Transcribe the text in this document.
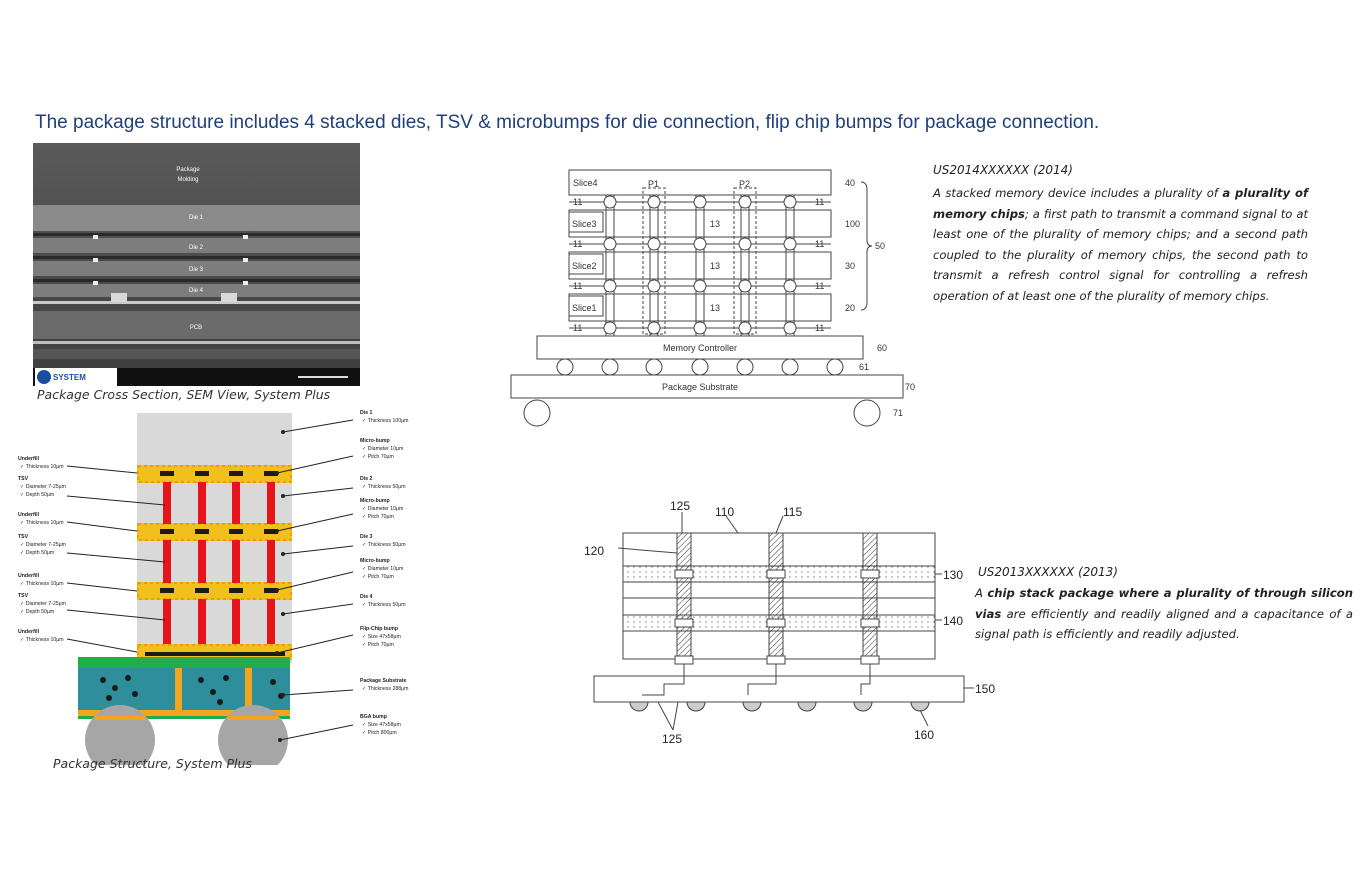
The package structure includes 4 stacked dies, TSV & microbumps for die connection, flip chip bumps for package connection.
Package
Molding
Die 1
Die 2
Die 3
Die 4
PCB
SYSTEM
Package Cross Section, SEM View, System Plus
Underfill
✓ Thickness 10µm
TSV
✓ Diameter 7-25µm
✓ Depth 50µm
Underfill
✓ Thickness 10µm
TSV
✓ Diameter 7-25µm
✓ Depth 50µm
Underfill
✓ Thickness 10µm
TSV
✓ Diameter 7-25µm
✓ Depth 50µm
Underfill
✓ Thickness 10µm
Die 1
✓ Thickness 100µm
Micro-bump
✓ Diameter 10µm
✓ Pitch 70µm
Die 2
✓ Thickness 50µm
Micro-bump
✓ Diameter 10µm
✓ Pitch 70µm
Die 3
✓ Thickness 50µm
Micro-bump
✓ Diameter 10µm
✓ Pitch 70µm
Die 4
✓ Thickness 50µm
Flip-Chip bump
✓ Size 47x58µm
✓ Pitch 70µm
Package Substrate
✓ Thickness 288µm
BGA bump
✓ Size 47x58µm
✓ Pitch 800µm
Package Structure, System Plus
Slice4
Slice3
Slice2
Slice1
P1	P2
Memory Controller
Package Substrate
40
100
30
20
50
60
61
70
71
11
11
11
11
11
11
11
11
13
13
13
US2014XXXXXX (2014)
A stacked memory device includes a plurality of a plurality of memory chips; a first path to transmit a command signal to at least one of the plurality of memory chips; and a second path coupled to the plurality of memory chips, the second path to transmit a refresh control signal for controlling a refresh operation of at least one of the plurality of memory chips.
125 110	115
120
130
140
150
125	160
US2013XXXXXX (2013)
A chip stack package where a plurality of through silicon vias are efficiently and readily aligned and a capacitance of a signal path is efficiently and readily adjusted.
